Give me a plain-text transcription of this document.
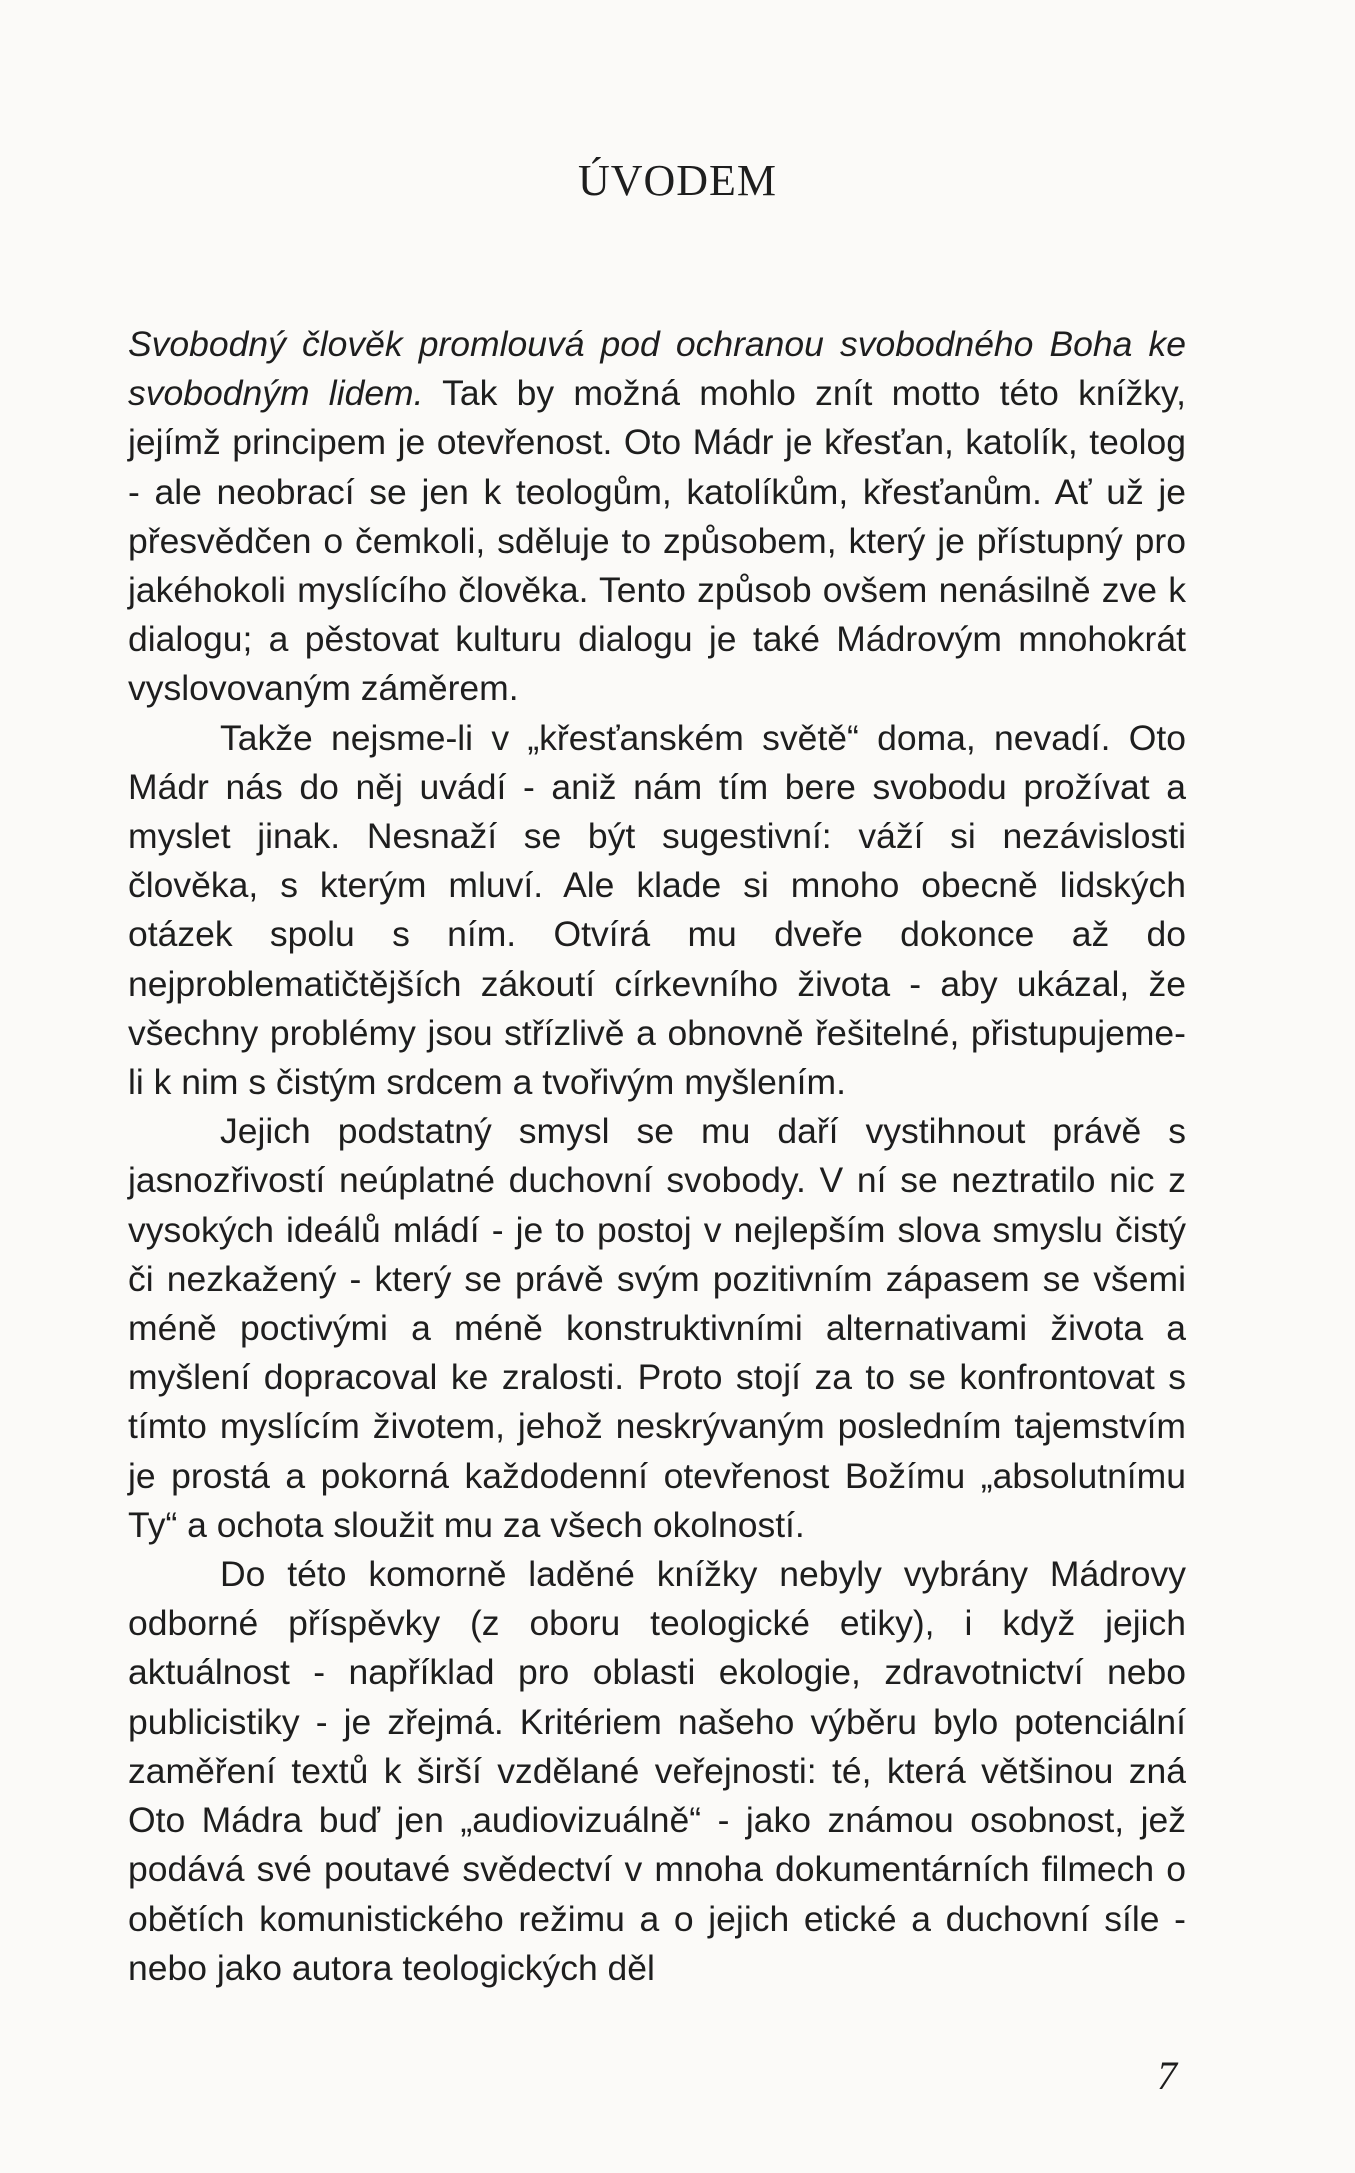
ÚVODEM

Svobodný člověk promlouvá pod ochranou svobodného Boha ke svobodným lidem. Tak by možná mohlo znít motto této knížky, jejímž principem je otevřenost. Oto Mádr je křesťan, katolík, teolog - ale neobrací se jen k teologům, katolíkům, křesťanům. Ať už je přesvědčen o čemkoli, sděluje to způsobem, který je přístupný pro jakéhokoli myslícího člověka. Tento způsob ovšem nenásilně zve k dialogu; a pěstovat kulturu dialogu je také Mádrovým mnohokrát vyslovovaným záměrem.

Takže nejsme-li v „křesťanském světě“ doma, nevadí. Oto Mádr nás do něj uvádí - aniž nám tím bere svobodu prožívat a myslet jinak. Nesnaží se být sugestivní: váží si nezávislosti člověka, s kterým mluví. Ale klade si mnoho obecně lidských otázek spolu s ním. Otvírá mu dveře dokonce až do nejproblematičtějších zákoutí církevního života - aby ukázal, že všechny problémy jsou střízlivě a obnovně řešitelné, přistupujeme-li k nim s čistým srdcem a tvořivým myšlením.

Jejich podstatný smysl se mu daří vystihnout právě s jasnozřivostí neúplatné duchovní svobody. V ní se neztratilo nic z vysokých ideálů mládí - je to postoj v nejlepším slova smyslu čistý či nezkažený - který se právě svým pozitivním zápasem se všemi méně poctivými a méně konstruktivními alternativami života a myšlení dopracoval ke zralosti. Proto stojí za to se konfrontovat s tímto myslícím životem, jehož neskrývaným posledním tajemstvím je prostá a pokorná každodenní otevřenost Božímu „absolutnímu Ty“ a ochota sloužit mu za všech okolností.

Do této komorně laděné knížky nebyly vybrány Mádrovy odborné příspěvky (z oboru teologické etiky), i když jejich aktuálnost - například pro oblasti ekologie, zdravotnictví nebo publicistiky - je zřejmá. Kritériem našeho výběru bylo potenciální zaměření textů k širší vzdělané veřejnosti: té, která většinou zná Oto Mádra buď jen „audiovizuálně“ - jako známou osobnost, jež podává své poutavé svědectví v mnoha dokumentárních filmech o obětích komunistického režimu a o jejich etické a duchovní síle - nebo jako autora teologických děl

7
